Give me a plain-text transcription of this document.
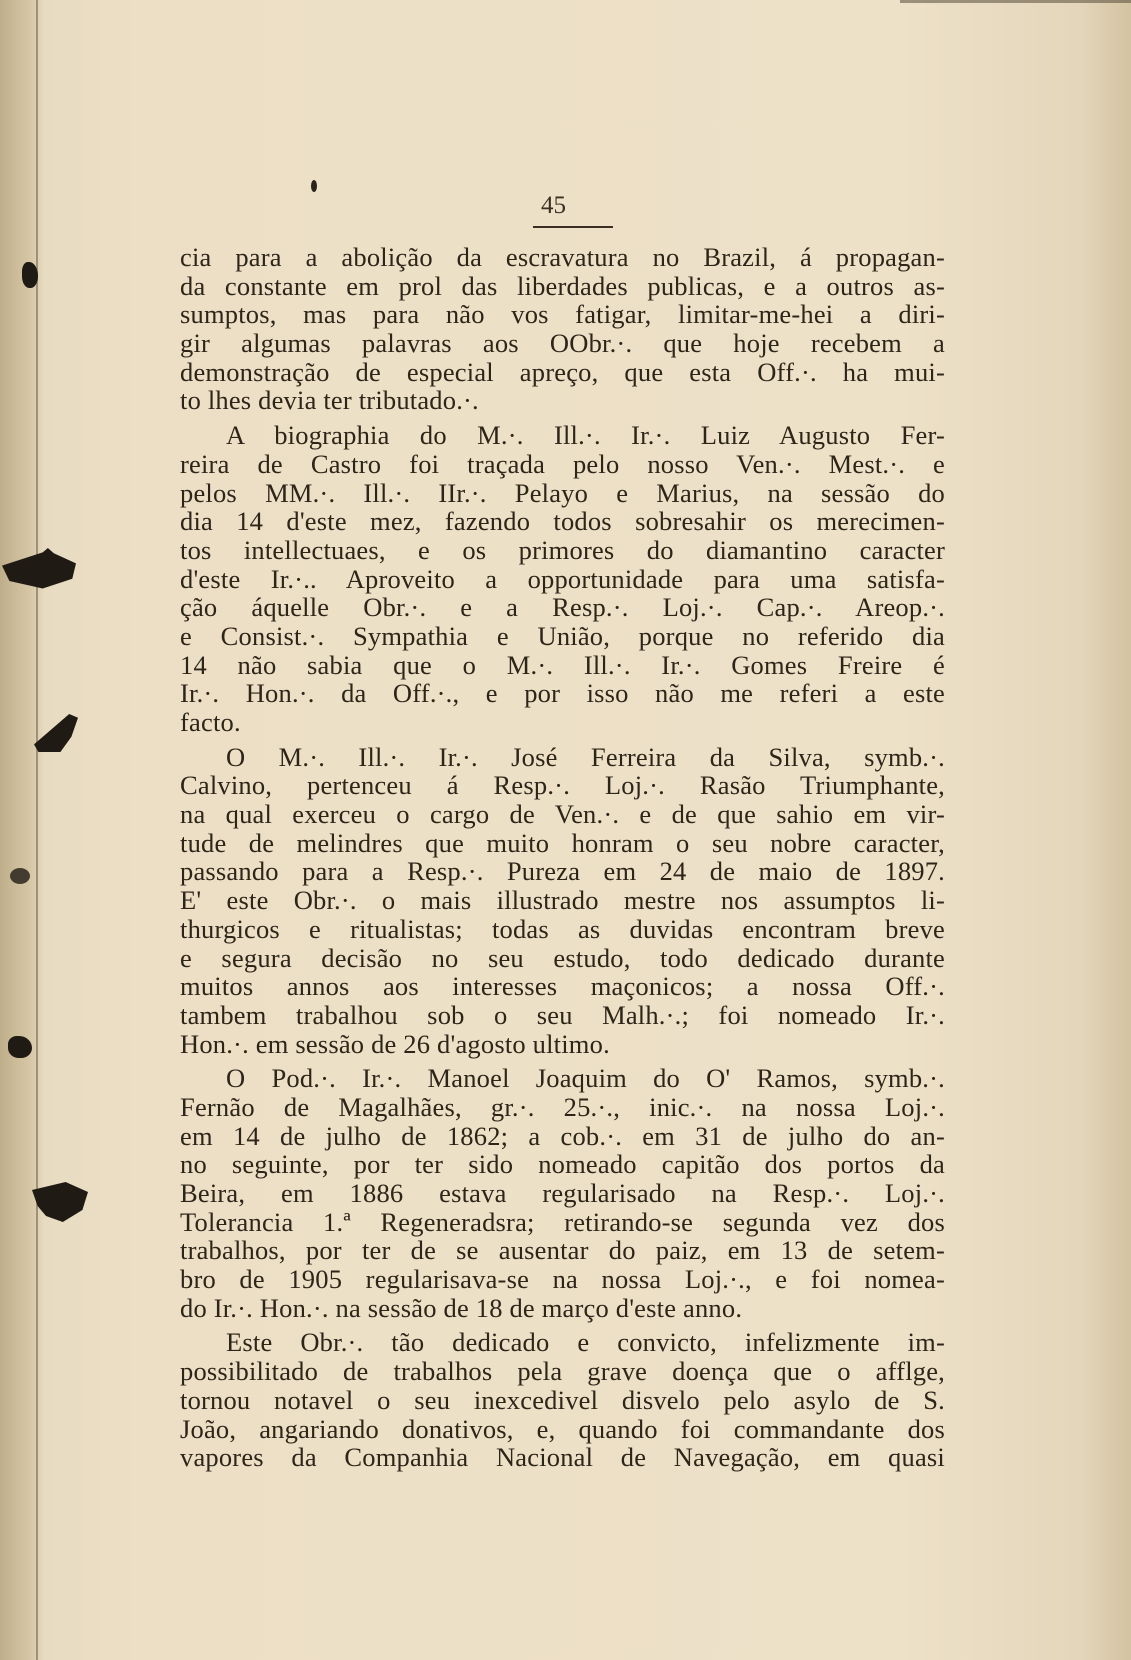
45
cia para a abolição da escravatura no Brazil, á propagan-
da constante em prol das liberdades publicas, e a outros as-
sumptos, mas para não vos fatigar, limitar-me-hei a diri-
gir algumas palavras aos OObr.·. que hoje recebem a
demonstração de especial apreço, que esta Off.·. ha mui-
to lhes devia ter tributado.·.
A biographia do M.·. Ill.·. Ir.·. Luiz Augusto Fer-
reira de Castro foi traçada pelo nosso Ven.·. Mest.·. e
pelos MM.·. Ill.·. IIr.·. Pelayo e Marius, na sessão do
dia 14 d'este mez, fazendo todos sobresahir os merecimen-
tos intellectuaes, e os primores do diamantino caracter
d'este Ir.·.. Aproveito a opportunidade para uma satisfa-
ção áquelle Obr.·. e a Resp.·. Loj.·. Cap.·. Areop.·.
e Consist.·. Sympathia e União, porque no referido dia
14 não sabia que o M.·. Ill.·. Ir.·. Gomes Freire é
Ir.·. Hon.·. da Off.·., e por isso não me referi a este
facto.
O M.·. Ill.·. Ir.·. José Ferreira da Silva, symb.·.
Calvino, pertenceu á Resp.·. Loj.·. Rasão Triumphante,
na qual exerceu o cargo de Ven.·. e de que sahio em vir-
tude de melindres que muito honram o seu nobre caracter,
passando para a Resp.·. Pureza em 24 de maio de 1897.
E' este Obr.·. o mais illustrado mestre nos assumptos li-
thurgicos e ritualistas; todas as duvidas encontram breve
e segura decisão no seu estudo, todo dedicado durante
muitos annos aos interesses maçonicos; a nossa Off.·.
tambem trabalhou sob o seu Malh.·.; foi nomeado Ir.·.
Hon.·. em sessão de 26 d'agosto ultimo.
O Pod.·. Ir.·. Manoel Joaquim do O' Ramos, symb.·.
Fernão de Magalhães, gr.·. 25.·., inic.·. na nossa Loj.·.
em 14 de julho de 1862; a cob.·. em 31 de julho do an-
no seguinte, por ter sido nomeado capitão dos portos da
Beira, em 1886 estava regularisado na Resp.·. Loj.·.
Tolerancia 1.ª Regeneradsra; retirando-se segunda vez dos
trabalhos, por ter de se ausentar do paiz, em 13 de setem-
bro de 1905 regularisava-se na nossa Loj.·., e foi nomea-
do Ir.·. Hon.·. na sessão de 18 de março d'este anno.
Este Obr.·. tão dedicado e convicto, infelizmente im-
possibilitado de trabalhos pela grave doença que o afflge,
tornou notavel o seu inexcedivel disvelo pelo asylo de S.
João, angariando donativos, e, quando foi commandante dos
vapores da Companhia Nacional de Navegação, em quasi
